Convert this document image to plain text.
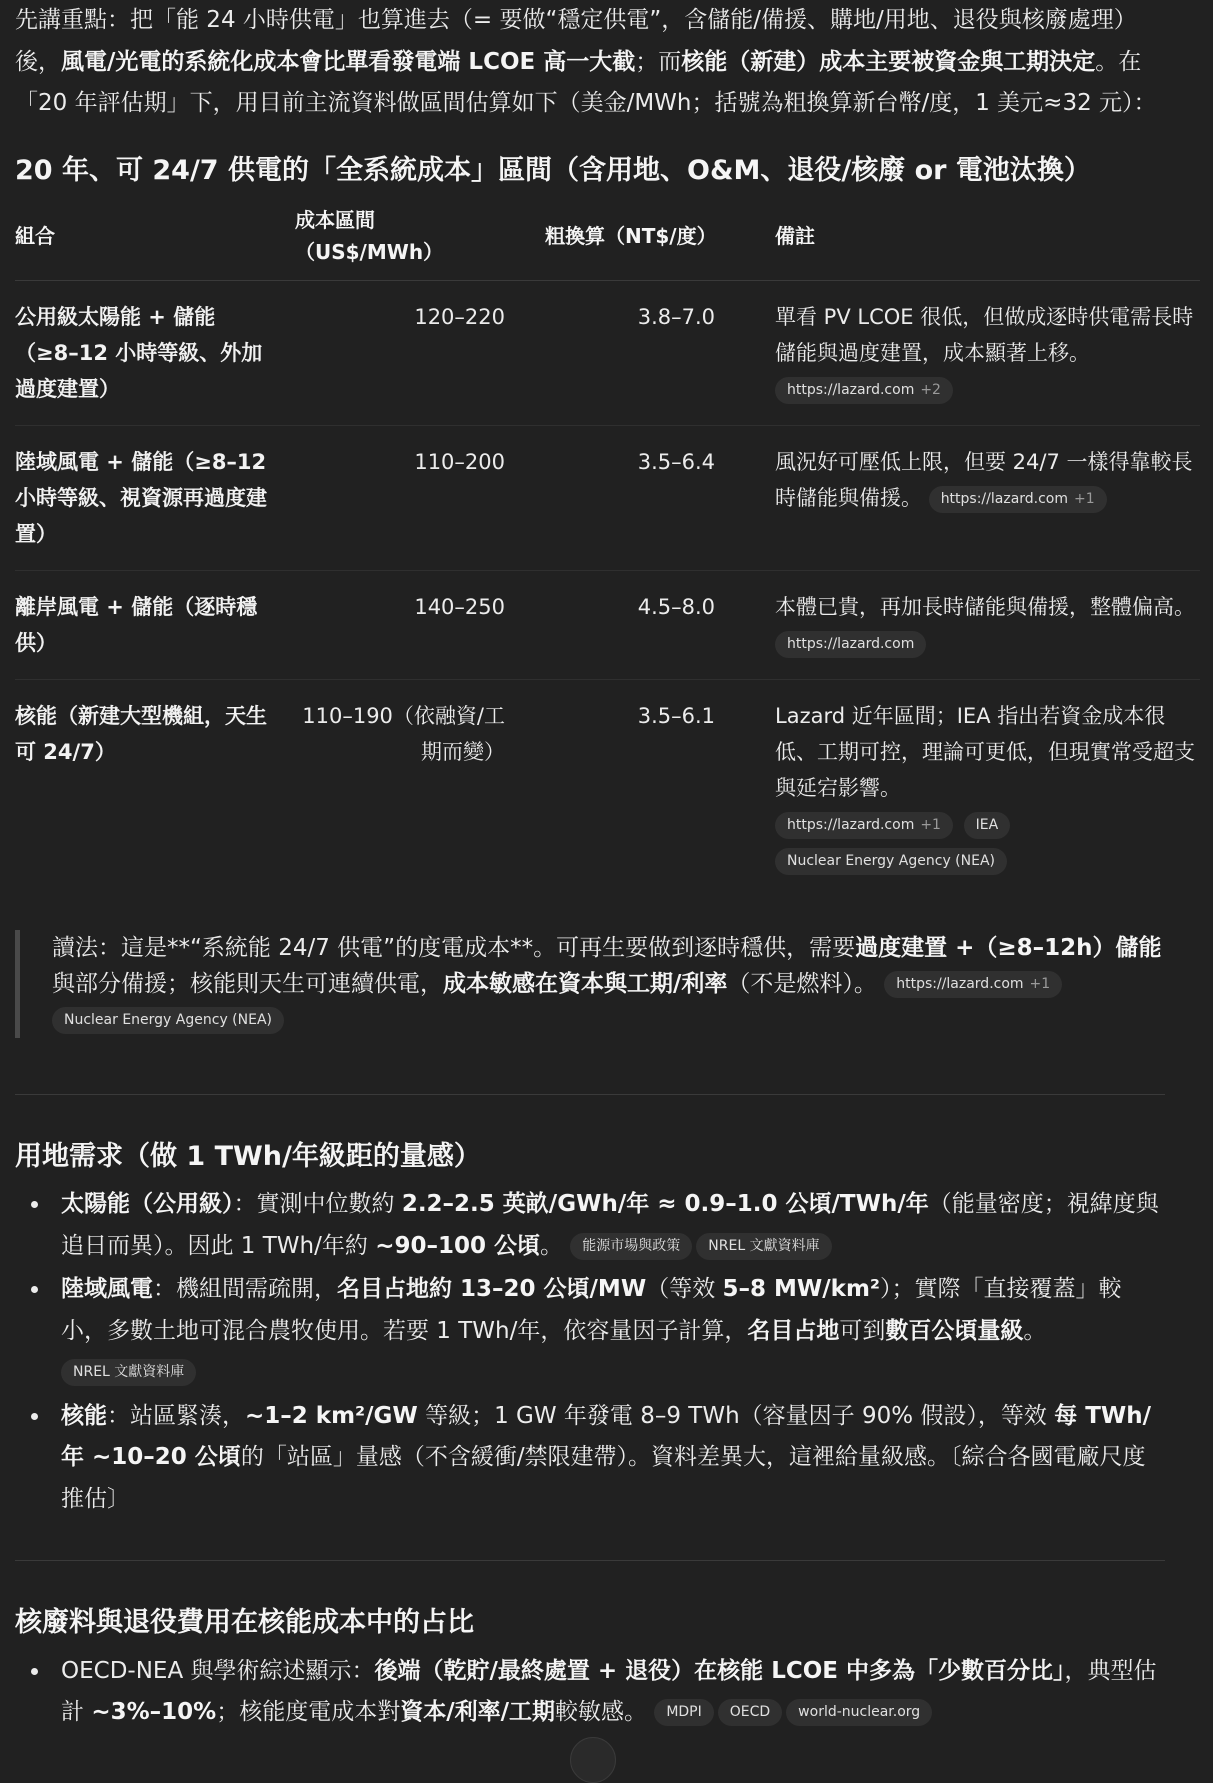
先講重點：把「能 24 小時供電」也算進去（= 要做“穩定供電”，含儲能/備援、購地/用地、退役與核廢處理）後，風電/光電的系統化成本會比單看發電端 LCOE 高一大截；而核能（新建）成本主要被資金與工期決定。在「20 年評估期」下，用目前主流資料做區間估算如下（美金/MWh；括號為粗換算新台幣/度，1 美元≈32 元）：

20 年、可 24/7 供電的「全系統成本」區間（含用地、O&M、退役/核廢 or 電池汰換）
組合	成本區間（US$/MWh）	粗換算（NT$/度）	備註
公用級太陽能 + 儲能（≥8–12 小時等級、外加過度建置）	120–220	3.8–7.0	單看 PV LCOE 很低，但做成逐時供電需長時儲能與過度建置，成本顯著上移。
https://lazard.com +2
陸域風電 + 儲能（≥8–12 小時等級、視資源再過度建置）	110–200	3.5–6.4	風況好可壓低上限，但要 24/7 一樣得靠較長時儲能與備援。 https://lazard.com +1
離岸風電 + 儲能（逐時穩供）	140–250	4.5–8.0	本體已貴，再加長時儲能與備援，整體偏高。 https://lazard.com
核能（新建大型機組，天生可 24/7）	110–190（依融資/工期而變）	3.5–6.1	Lazard 近年區間；IEA 指出若資金成本很低、工期可控，理論可更低，但現實常受超支與延宕影響。
https://lazard.com +1 IEA
Nuclear Energy Agency (NEA)
讀法：這是**“系統能 24/7 供電”的度電成本**。可再生要做到逐時穩供，需要過度建置 +（≥8–12h）儲能與部分備援；核能則天生可連續供電，成本敏感在資本與工期/利率（不是燃料）。 https://lazard.com +1 Nuclear Energy Agency (NEA)
用地需求（做 1 TWh/年級距的量感）
太陽能（公用級）：實測中位數約 2.2–2.5 英畝/GWh/年 ≈ 0.9–1.0 公頃/TWh/年（能量密度；視緯度與追日而異）。因此 1 TWh/年約 ~90–100 公頃。 能源市場與政策 NREL 文獻資料庫
陸域風電：機組間需疏開，名目占地約 13–20 公頃/MW（等效 5–8 MW/km²）；實際「直接覆蓋」較小，多數土地可混合農牧使用。若要 1 TWh/年，依容量因子計算，名目占地可到數百公頃量級。
NREL 文獻資料庫
核能：站區緊湊，~1–2 km²/GW 等級；1 GW 年發電 8–9 TWh（容量因子 90% 假設），等效 每 TWh/年 ~10–20 公頃的「站區」量感（不含緩衝/禁限建帶）。資料差異大，這裡給量級感。〔綜合各國電廠尺度推估〕
核廢料與退役費用在核能成本中的占比
OECD-NEA 與學術綜述顯示：後端（乾貯/最終處置 + 退役）在核能 LCOE 中多為「少數百分比」，典型估計 ~3%–10%；核能度電成本對資本/利率/工期較敏感。 MDPI OECD world-nuclear.org
